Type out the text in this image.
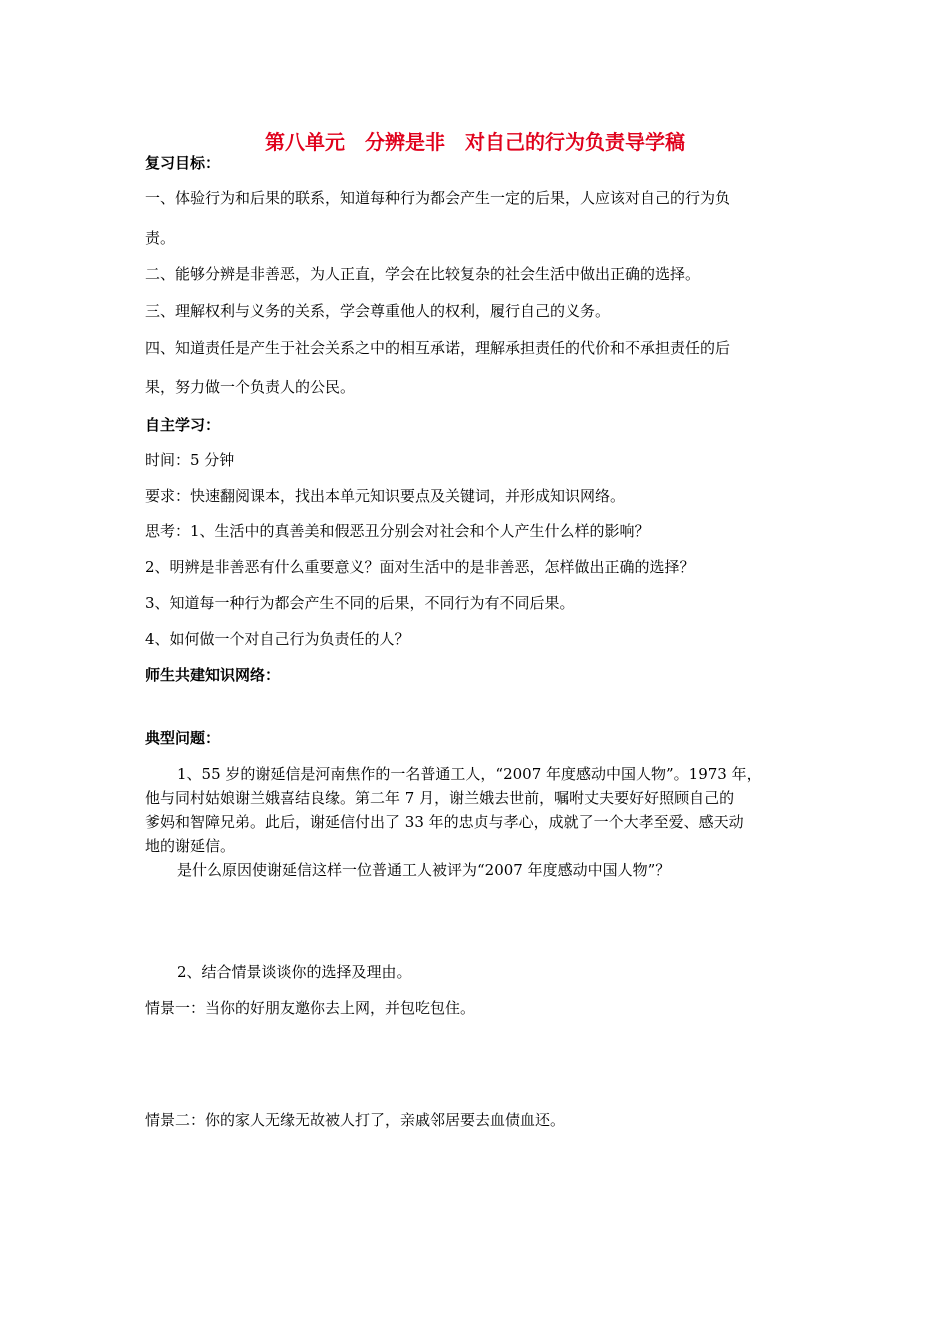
第八单元　分辨是非　对自己的行为负责导学稿
复习目标：
一、体验行为和后果的联系，知道每种行为都会产生一定的后果，人应该对自己的行为负
责。
二、能够分辨是非善恶，为人正直，学会在比较复杂的社会生活中做出正确的选择。
三、理解权利与义务的关系，学会尊重他人的权利，履行自己的义务。
四、知道责任是产生于社会关系之中的相互承诺，理解承担责任的代价和不承担责任的后
果，努力做一个负责人的公民。
自主学习：
时间：5 分钟
要求：快速翻阅课本，找出本单元知识要点及关键词，并形成知识网络。
思考：1、生活中的真善美和假恶丑分别会对社会和个人产生什么样的影响？
2、明辨是非善恶有什么重要意义？面对生活中的是非善恶，怎样做出正确的选择？
3、知道每一种行为都会产生不同的后果，不同行为有不同后果。
4、如何做一个对自己行为负责任的人？
师生共建知识网络：
典型问题：
1、55 岁的谢延信是河南焦作的一名普通工人，“2007 年度感动中国人物”。1973 年，
他与同村姑娘谢兰娥喜结良缘。第二年 7 月，谢兰娥去世前，嘱咐丈夫要好好照顾自己的
爹妈和智障兄弟。此后，谢延信付出了 33 年的忠贞与孝心，成就了一个大孝至爱、感天动
地的谢延信。
是什么原因使谢延信这样一位普通工人被评为“2007 年度感动中国人物”？
2、结合情景谈谈你的选择及理由。
情景一：当你的好朋友邀你去上网，并包吃包住。
情景二：你的家人无缘无故被人打了，亲戚邻居要去血债血还。
